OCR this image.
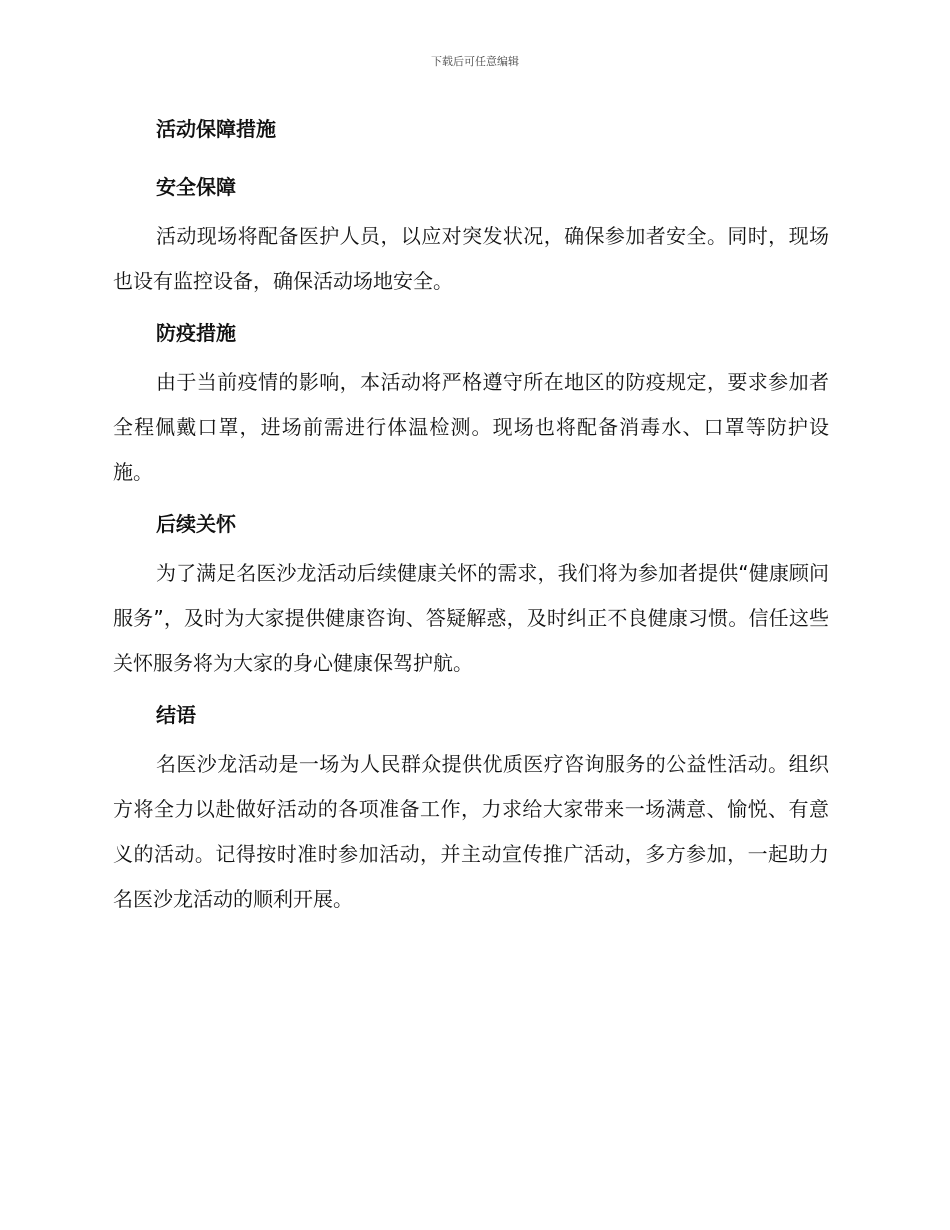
下载后可任意编辑
活动保障措施
安全保障

活动现场将配备医护人员，以应对突发状况，确保参加者安全。同时，现场也设有监控设备，确保活动场地安全。

防疫措施

由于当前疫情的影响，本活动将严格遵守所在地区的防疫规定，要求参加者全程佩戴口罩，进场前需进行体温检测。现场也将配备消毒水、口罩等防护设施。

后续关怀

为了满足名医沙龙活动后续健康关怀的需求，我们将为参加者提供“健康顾问服务”，及时为大家提供健康咨询、答疑解惑，及时纠正不良健康习惯。信任这些关怀服务将为大家的身心健康保驾护航。

结语

名医沙龙活动是一场为人民群众提供优质医疗咨询服务的公益性活动。组织方将全力以赴做好活动的各项准备工作，力求给大家带来一场满意、愉悦、有意义的活动。记得按时准时参加活动，并主动宣传推广活动，多方参加，一起助力名医沙龙活动的顺利开展。
